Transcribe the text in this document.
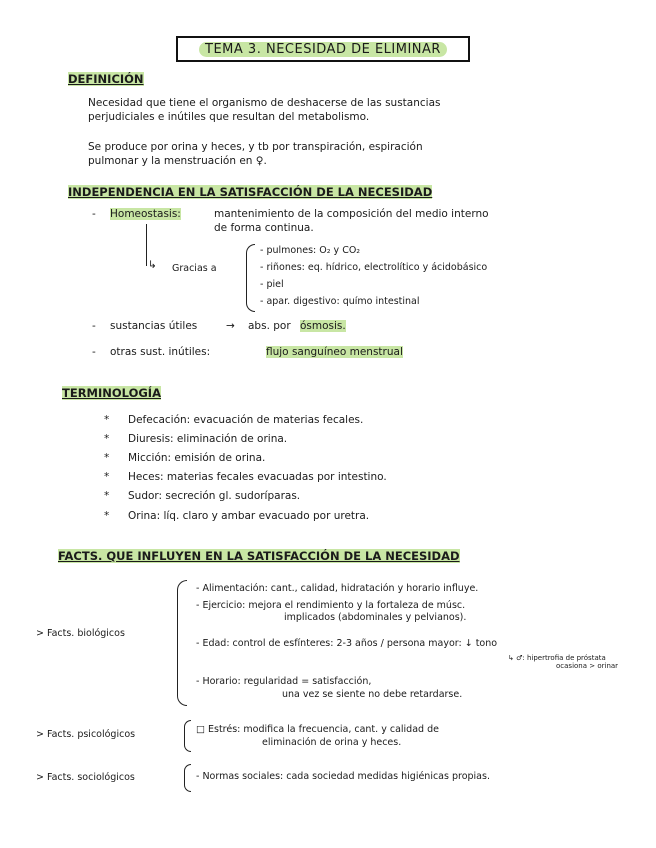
TEMA 3. NECESIDAD DE ELIMINAR
DEFINICIÓN
Necesidad que tiene el organismo de deshacerse de las sustancias
perjudiciales e inútiles que resultan del metabolismo.
Se produce por orina y heces, y tb por transpiración, espiración
pulmonar y la menstruación en ♀.
INDEPENDENCIA EN LA SATISFACCIÓN DE LA NECESIDAD
- Homeostasis:	mantenimiento de la composición del medio interno
de forma continua.
↳ Gracias a
- pulmones: O₂ y CO₂
- riñones: eq. hídrico, electrolítico y ácidobásico
- piel
- apar. digestivo: químo intestinal
- sustancias útiles	→ abs. por ósmosis.
- otras sust. inútiles:	flujo sanguíneo menstrual
TERMINOLOGÍA
* Defecación: evacuación de materias fecales.
* Diuresis: eliminación de orina.
* Micción: emisión de orina.
* Heces: materias fecales evacuadas por intestino.
* Sudor: secreción gl. sudoríparas.
* Orina: líq. claro y ambar evacuado por uretra.
FACTS. QUE INFLUYEN EN LA SATISFACCIÓN DE LA NECESIDAD
> Facts. biológicos
- Alimentación: cant., calidad, hidratación y horario influye.
- Ejercicio: mejora el rendimiento y la fortaleza de músc.
implicados (abdominales y pelvianos).
- Edad: control de esfínteres: 2-3 años / persona mayor: ↓ tono
↳ ♂: hipertrofia de próstata
ocasiona > orinar
- Horario: regularidad = satisfacción,
una vez se siente no debe retardarse.
> Facts. psicológicos	□ Estrés: modifica la frecuencia, cant. y calidad de
eliminación de orina y heces.
> Facts. sociológicos	- Normas sociales: cada sociedad medidas higiénicas propias.
